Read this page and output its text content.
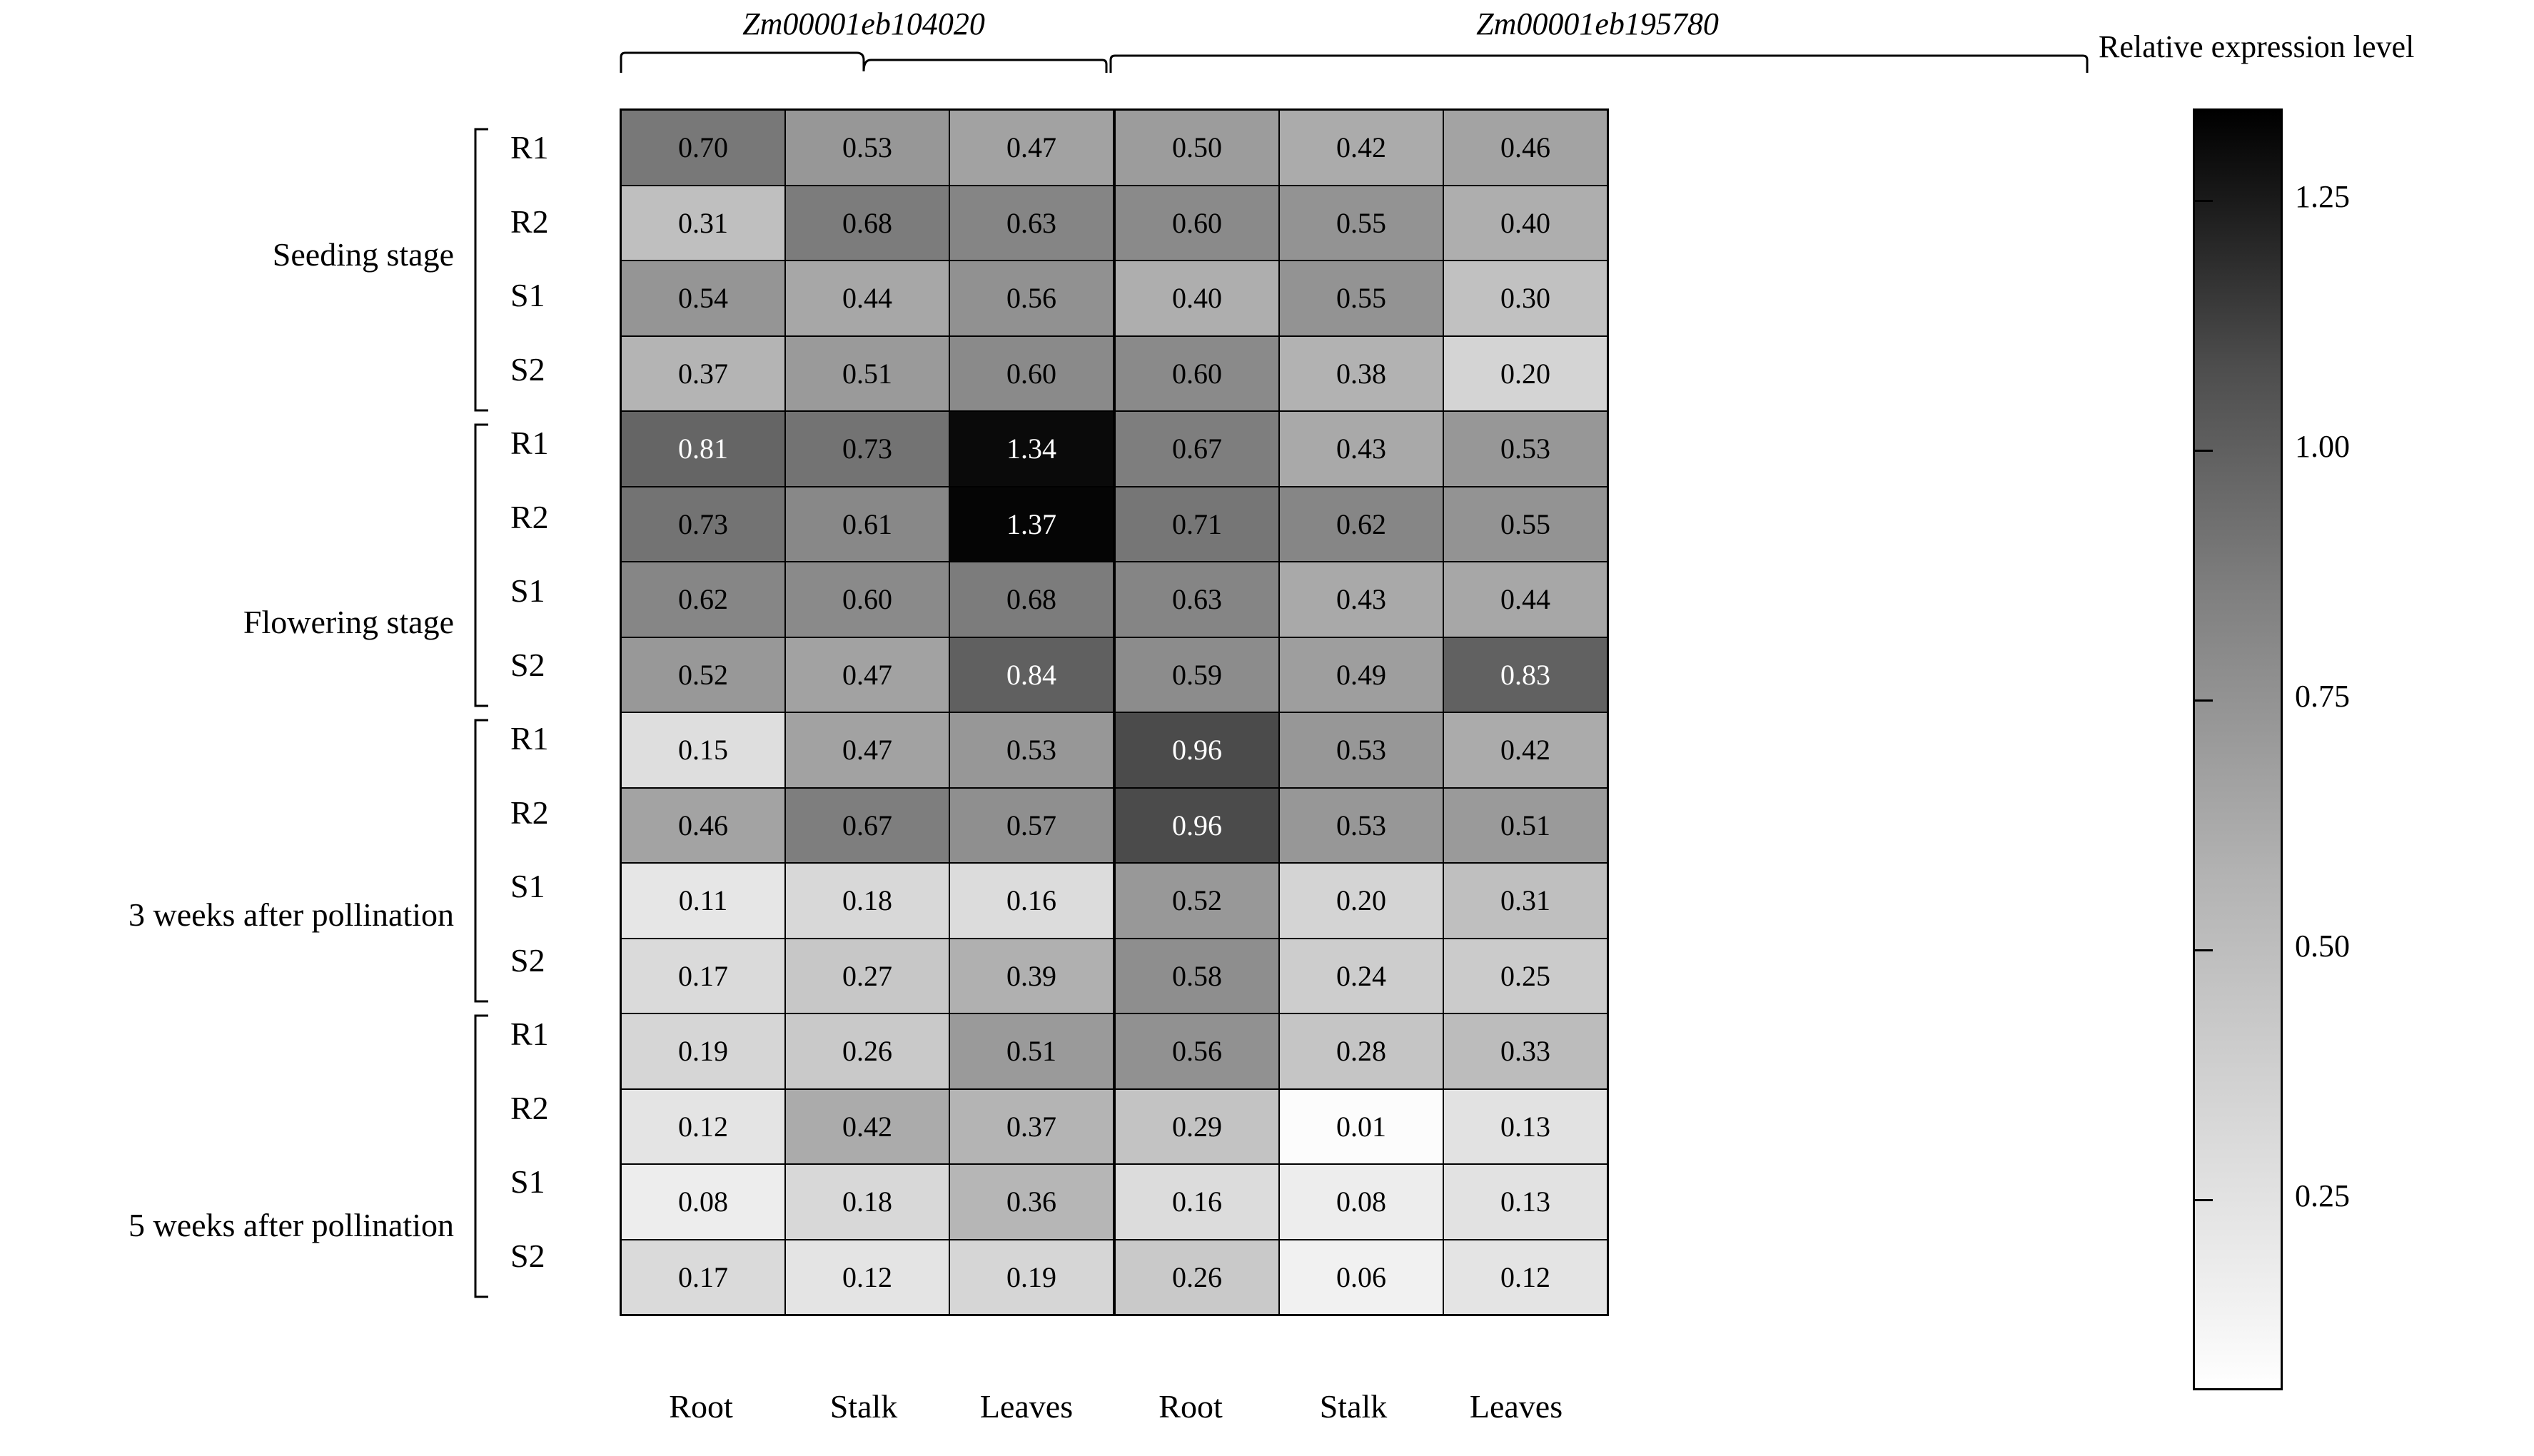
Zm00001eb104020	Zm00001eb195780
0.70	0.53	0.47	0.50	0.42	0.46
0.31	0.68	0.63	0.60	0.55	0.40
0.54	0.44	0.56	0.40	0.55	0.30
0.37	0.51	0.60	0.60	0.38	0.20
0.81	0.73	1.34	0.67	0.43	0.53
0.73	0.61	1.37	0.71	0.62	0.55
0.62	0.60	0.68	0.63	0.43	0.44
0.52	0.47	0.84	0.59	0.49	0.83
0.15	0.47	0.53	0.96	0.53	0.42
0.46	0.67	0.57	0.96	0.53	0.51
0.11	0.18	0.16	0.52	0.20	0.31
0.17	0.27	0.39	0.58	0.24	0.25
0.19	0.26	0.51	0.56	0.28	0.33
0.12	0.42	0.37	0.29	0.01	0.13
0.08	0.18	0.36	0.16	0.08	0.13
0.17	0.12	0.19	0.26	0.06	0.12
R1
R2
S1
S2
R1
R2
S1
S2
R1
R2
S1
S2
R1
R2
S1
S2
Seeding stage
Flowering stage
3 weeks after pollination
5 weeks after pollination
Root	Stalk	Leaves	Root	Stalk	Leaves
Relative expression level
1.25
1.00
0.75
0.50
0.25
